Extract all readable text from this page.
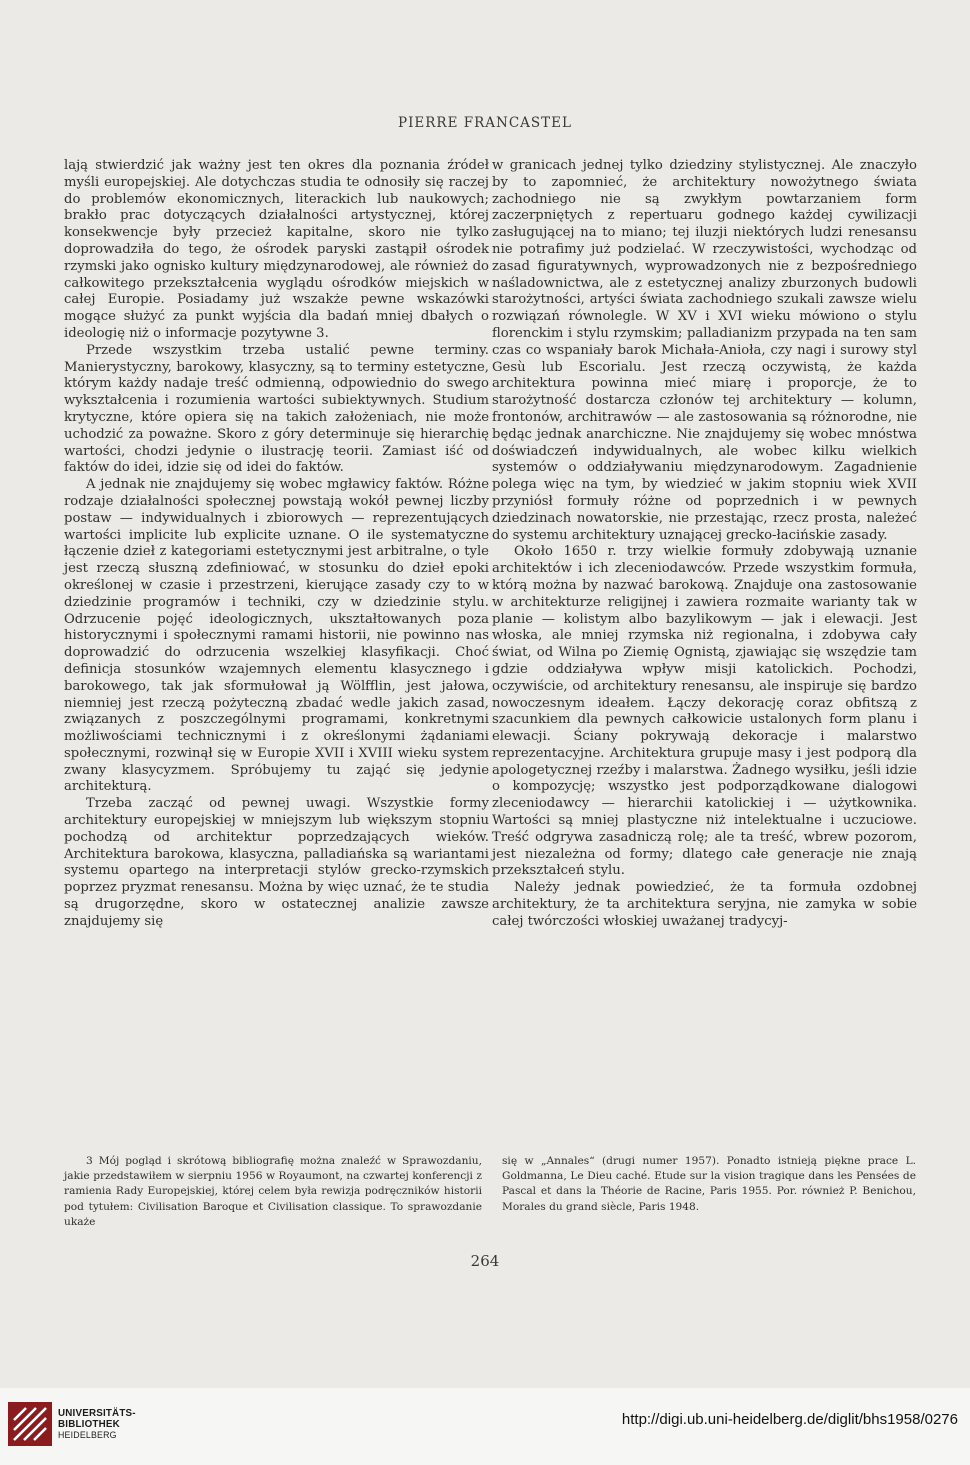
PIERRE FRANCASTEL

lają stwierdzić jak ważny jest ten okres dla poznania źródeł myśli europejskiej. Ale dotychczas studia te odnosiły się raczej do problemów ekonomicznych, literackich lub naukowych; brakło prac dotyczących działalności artystycznej, której konsekwencje były przecież kapitalne, skoro nie tylko doprowadziła do tego, że ośrodek paryski zastąpił ośrodek rzymski jako ognisko kultury międzynarodowej, ale również do całkowitego przekształcenia wyglądu ośrodków miejskich w całej Europie. Posiadamy już wszakże pewne wskazówki mogące służyć za punkt wyjścia dla badań mniej dbałych o ideologię niż o informacje pozytywne 3.

Przede wszystkim trzeba ustalić pewne terminy. Manierystyczny, barokowy, klasyczny, są to terminy estetyczne, którym każdy nadaje treść odmienną, odpowiednio do swego wykształcenia i rozumienia wartości subiektywnych. Studium krytyczne, które opiera się na takich założeniach, nie może uchodzić za poważne. Skoro z góry determinuje się hierarchię wartości, chodzi jedynie o ilustrację teorii. Zamiast iść od faktów do idei, idzie się od idei do faktów.

A jednak nie znajdujemy się wobec mgławicy faktów. Różne rodzaje działalności społecznej powstają wokół pewnej liczby postaw — indywidualnych i zbiorowych — reprezentujących wartości implicite lub explicite uznane. O ile systematyczne łączenie dzieł z kategoriami estetycznymi jest arbitralne, o tyle jest rzeczą słuszną zdefiniować, w stosunku do dzieł epoki określonej w czasie i przestrzeni, kierujące zasady czy to w dziedzinie programów i techniki, czy w dziedzinie stylu. Odrzucenie pojęć ideologicznych, ukształtowanych poza historycznymi i społecznymi ramami historii, nie powinno nas doprowadzić do odrzucenia wszelkiej klasyfikacji. Choć definicja stosunków wzajemnych elementu klasycznego i barokowego, tak jak sformułował ją Wölfflin, jest jałowa, niemniej jest rzeczą pożyteczną zbadać wedle jakich zasad, związanych z poszczególnymi programami, konkretnymi możliwościami technicznymi i z określonymi żądaniami społecznymi, rozwinął się w Europie XVII i XVIII wieku system zwany klasycyzmem. Spróbujemy tu zająć się jedynie architekturą.

Trzeba zacząć od pewnej uwagi. Wszystkie formy architektury europejskiej w mniejszym lub większym stopniu pochodzą od architektur poprzedzających wieków. Architektura barokowa, klasyczna, palladiańska są wariantami systemu opartego na interpretacji stylów grecko-rzymskich poprzez pryzmat renesansu. Można by więc uznać, że te studia są drugorzędne, skoro w ostatecznej analizie zawsze znajdujemy się

w granicach jednej tylko dziedziny stylistycznej. Ale znaczyło by to zapomnieć, że architektury nowożytnego świata zachodniego nie są zwykłym powtarzaniem form zaczerpniętych z repertuaru godnego każdej cywilizacji zasługującej na to miano; tej iluzji niektórych ludzi renesansu nie potrafimy już podzielać. W rzeczywistości, wychodząc od zasad figuratywnych, wyprowadzonych nie z bezpośredniego naśladownictwa, ale z estetycznej analizy zburzonych budowli starożytności, artyści świata zachodniego szukali zawsze wielu rozwiązań równolegle. W XV i XVI wieku mówiono o stylu florenckim i stylu rzymskim; palladianizm przypada na ten sam czas co wspaniały barok Michała-Anioła, czy nagi i surowy styl Gesù lub Escorialu. Jest rzeczą oczywistą, że każda architektura powinna mieć miarę i proporcje, że to starożytność dostarcza członów tej architektury — kolumn, frontonów, architrawów — ale zastosowania są różnorodne, nie będąc jednak anarchiczne. Nie znajdujemy się wobec mnóstwa doświadczeń indywidualnych, ale wobec kilku wielkich systemów o oddziaływaniu międzynarodowym. Zagadnienie polega więc na tym, by wiedzieć w jakim stopniu wiek XVII przyniósł formuły różne od poprzednich i w pewnych dziedzinach nowatorskie, nie przestając, rzecz prosta, należeć do systemu architektury uznającej grecko-łacińskie zasady.

Około 1650 r. trzy wielkie formuły zdobywają uznanie architektów i ich zleceniodawców. Przede wszystkim formuła, którą można by nazwać barokową. Znajduje ona zastosowanie w architekturze religijnej i zawiera rozmaite warianty tak w planie — kolistym albo bazylikowym — jak i elewacji. Jest włoska, ale mniej rzymska niż regionalna, i zdobywa cały świat, od Wilna po Ziemię Ognistą, zjawiając się wszędzie tam gdzie oddziaływa wpływ misji katolickich. Pochodzi, oczywiście, od architektury renesansu, ale inspiruje się bardzo nowoczesnym ideałem. Łączy dekorację coraz obfitszą z szacunkiem dla pewnych całkowicie ustalonych form planu i elewacji. Ściany pokrywają dekoracje i malarstwo reprezentacyjne. Architektura grupuje masy i jest podporą dla apologetycznej rzeźby i malarstwa. Żadnego wysiłku, jeśli idzie o kompozycję; wszystko jest podporządkowane dialogowi zleceniodawcy — hierarchii katolickiej i — użytkownika. Wartości są mniej plastyczne niż intelektualne i uczuciowe. Treść odgrywa zasadniczą rolę; ale ta treść, wbrew pozorom, jest niezależna od formy; dlatego całe generacje nie znają przekształceń stylu.

Należy jednak powiedzieć, że ta formuła ozdobnej architektury, że ta architektura seryjna, nie zamyka w sobie całej twórczości włoskiej uważanej tradycyj-

3 Mój pogląd i skrótową bibliografię można znaleźć w Sprawozdaniu, jakie przedstawiłem w sierpniu 1956 w Royaumont, na czwartej konferencji z ramienia Rady Europejskiej, której celem była rewizja podręczników historii pod tytułem: Civilisation Baroque et Civilisation classique. To sprawozdanie ukaże

się w „Annales“ (drugi numer 1957). Ponadto istnieją piękne prace L. Goldmanna, Le Dieu caché. Etude sur la vision tragique dans les Pensées de Pascal et dans la Théorie de Racine, Paris 1955. Por. również P. Benichou, Morales du grand siècle, Paris 1948.

264
UNIVERSITÄTS-
BIBLIOTHEK
HEIDELBERG
http://digi.ub.uni-heidelberg.de/diglit/bhs1958/0276
